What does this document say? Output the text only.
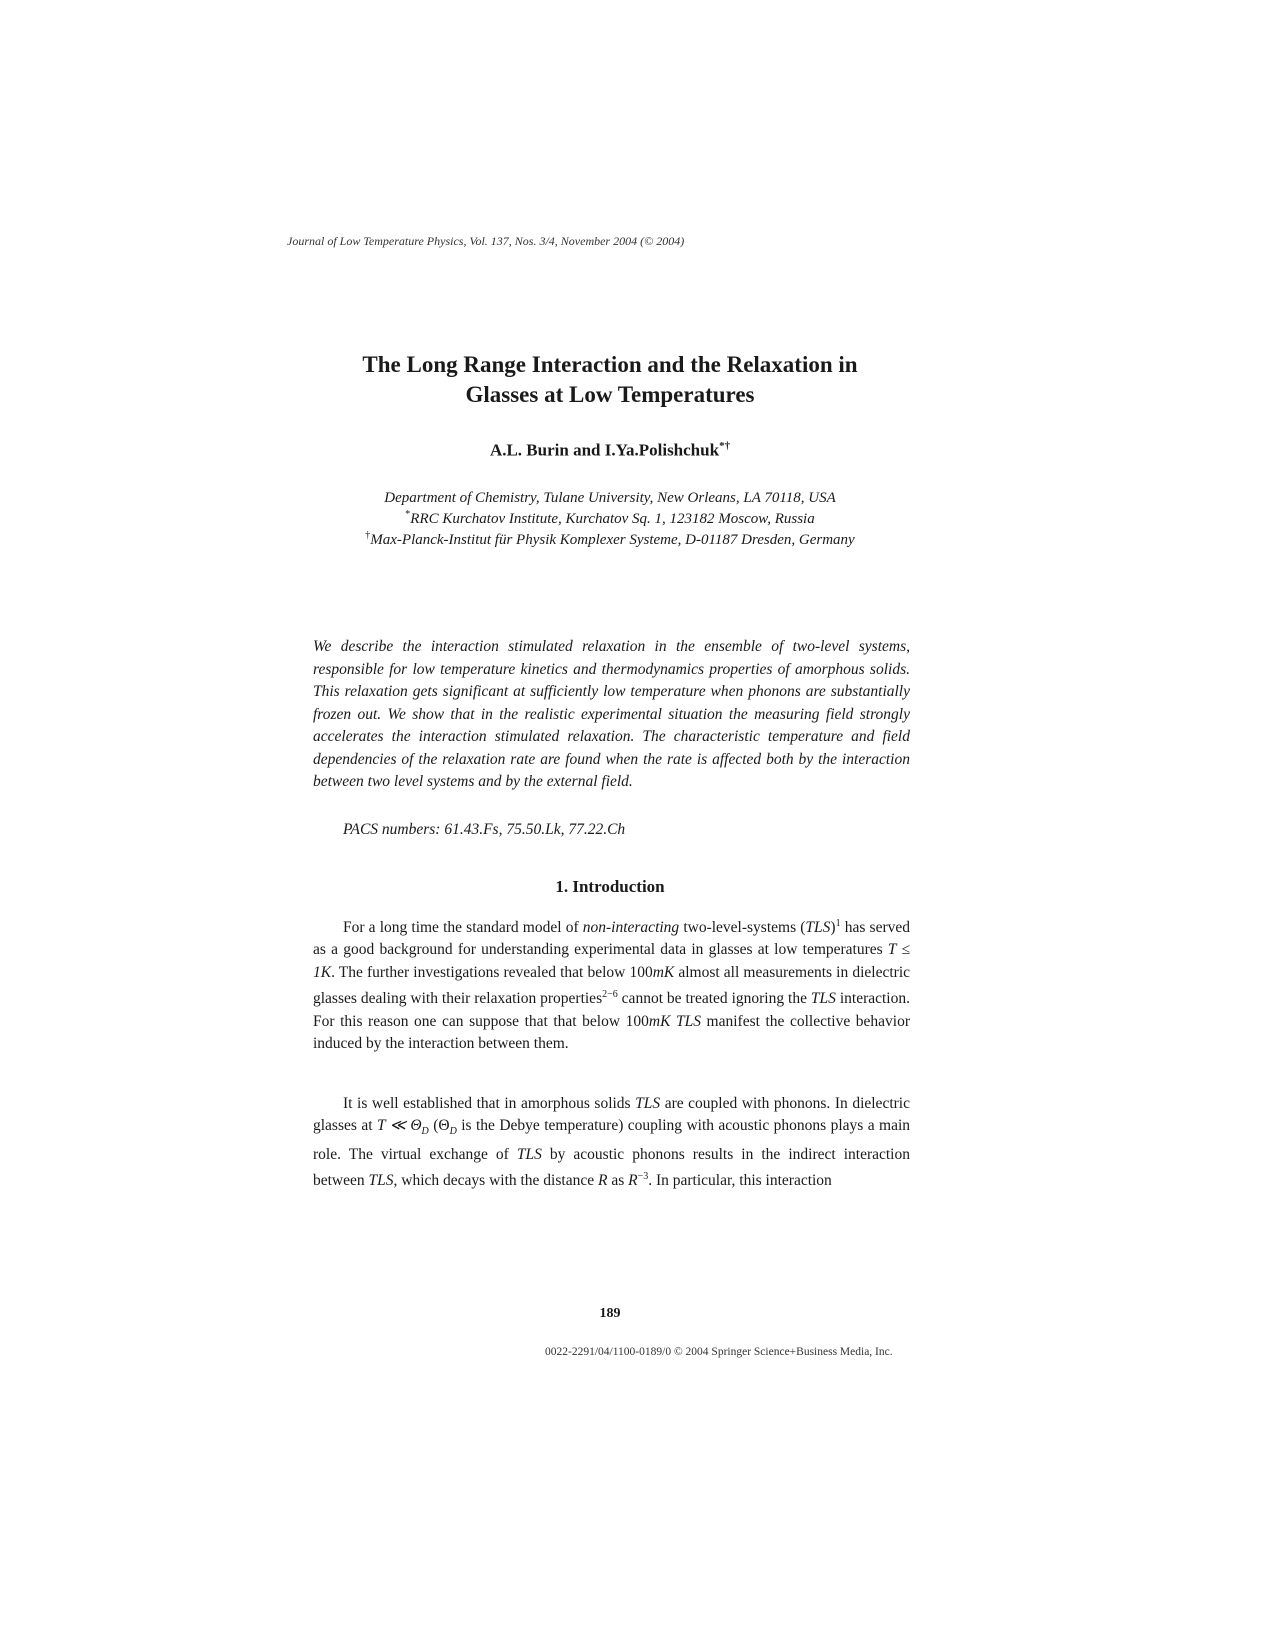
Journal of Low Temperature Physics, Vol. 137, Nos. 3/4, November 2004 (© 2004)
The Long Range Interaction and the Relaxation in
Glasses at Low Temperatures
A.L. Burin and I.Ya.Polishchuk*†
Department of Chemistry, Tulane University, New Orleans, LA 70118, USA
*RRC Kurchatov Institute, Kurchatov Sq. 1, 123182 Moscow, Russia
†Max-Planck-Institut für Physik Komplexer Systeme, D-01187 Dresden, Germany
We describe the interaction stimulated relaxation in the ensemble of two-level systems, responsible for low temperature kinetics and thermodynamics properties of amorphous solids. This relaxation gets significant at sufficiently low temperature when phonons are substantially frozen out. We show that in the realistic experimental situation the measuring field strongly accelerates the interaction stimulated relaxation. The characteristic temperature and field dependencies of the relaxation rate are found when the rate is affected both by the interaction between two level systems and by the external field.
PACS numbers: 61.43.Fs, 75.50.Lk, 77.22.Ch
1. Introduction
For a long time the standard model of non-interacting two-level-systems (TLS)$^1$ has served as a good background for understanding experimental data in glasses at low temperatures T ≤ 1K. The further investigations revealed that below 100mK almost all measurements in dielectric glasses dealing with their relaxation properties$^{2-6}$ cannot be treated ignoring the TLS interaction. For this reason one can suppose that that below 100mK TLS manifest the collective behavior induced by the interaction between them.
It is well established that in amorphous solids TLS are coupled with phonons. In dielectric glasses at T ≪ $\Theta_D$ ($\Theta_D$ is the Debye temperature) coupling with acoustic phonons plays a main role. The virtual exchange of TLS by acoustic phonons results in the indirect interaction between TLS, which decays with the distance R as $R^{-3}$. In particular, this interaction
189
0022-2291/04/1100-0189/0 © 2004 Springer Science+Business Media, Inc.
